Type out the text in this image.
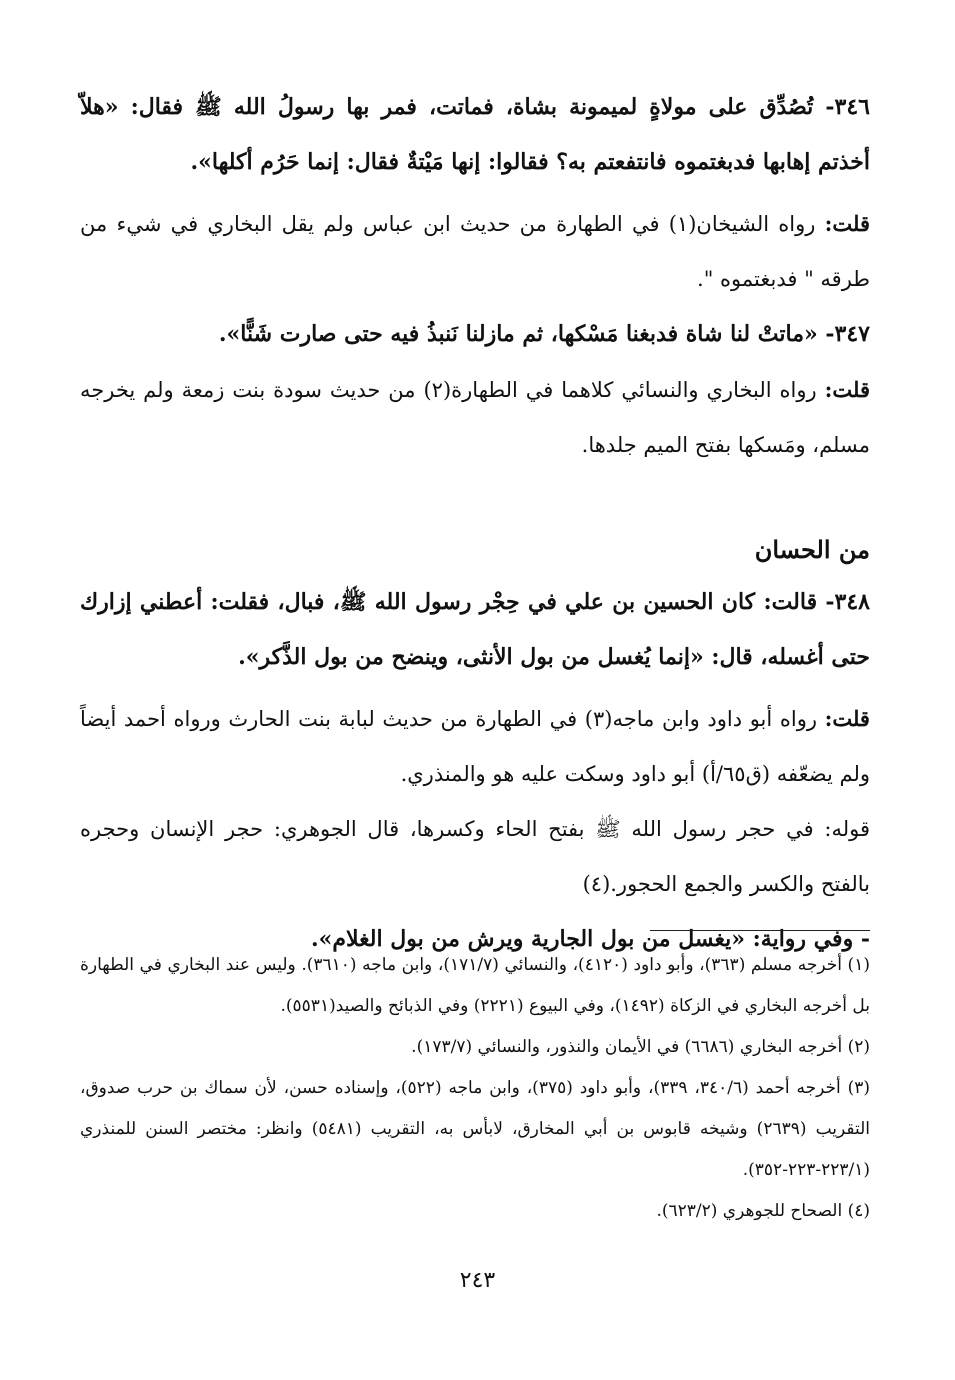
٣٤٦- تُصُدِّق على مولاةٍ لميمونة بشاة، فماتت، فمر بها رسولُ الله ﷺ فقال: «هلاّ أخذتم إهابها فدبغتموه فانتفعتم به؟ فقالوا: إنها مَيْتةٌ فقال: إنما حَرُم أكلها».

قلت: رواه الشيخان(١) في الطهارة من حديث ابن عباس ولم يقل البخاري في شيء من طرقه " فدبغتموه ".

٣٤٧- «ماتتْ لنا شاة فدبغنا مَسْكها، ثم مازلنا نَنبذُ فيه حتى صارت شَنًّا».

قلت: رواه البخاري والنسائي كلاهما في الطهارة(٢) من حديث سودة بنت زمعة ولم يخرجه مسلم، ومَسكها بفتح الميم جلدها.

من الحسان

٣٤٨- قالت: كان الحسين بن علي في حِجْر رسول الله ﷺ، فبال، فقلت: أعطني إزارك حتى أغسله، قال: «إنما يُغسل من بول الأنثى، وينضح من بول الذَّكر».

قلت: رواه أبو داود وابن ماجه(٣) في الطهارة من حديث لبابة بنت الحارث ورواه أحمد أيضاً ولم يضعّفه (ق٦٥/أ) أبو داود وسكت عليه هو والمنذري.

قوله: في حجر رسول الله ﷺ بفتح الحاء وكسرها، قال الجوهري: حجر الإنسان وحجره بالفتح والكسر والجمع الحجور.(٤)

- وفي رواية: «يغسل من بول الجارية ويرش من بول الغلام».

(١) أخرجه مسلم (٣٦٣)، وأبو داود (٤١٢٠)، والنسائي (١٧١/٧)، وابن ماجه (٣٦١٠). وليس عند البخاري في الطهارة بل أخرجه البخاري في الزكاة (١٤٩٢)، وفي البيوع (٢٢٢١) وفي الذبائح والصيد(٥٥٣١).

(٢) أخرجه البخاري (٦٦٨٦) في الأيمان والنذور، والنسائي (١٧٣/٧).

(٣) أخرجه أحمد (٣٤٠/٦، ٣٣٩)، وأبو داود (٣٧٥)، وابن ماجه (٥٢٢)، وإسناده حسن، لأن سماك بن حرب صدوق، التقريب (٢٦٣٩) وشيخه قابوس بن أبي المخارق، لابأس به، التقريب (٥٤٨١) وانظر: مختصر السنن للمنذري (٢٢٣/١-٢٢٣-٣٥٢).

(٤) الصحاح للجوهري (٦٢٣/٢).

٢٤٣
